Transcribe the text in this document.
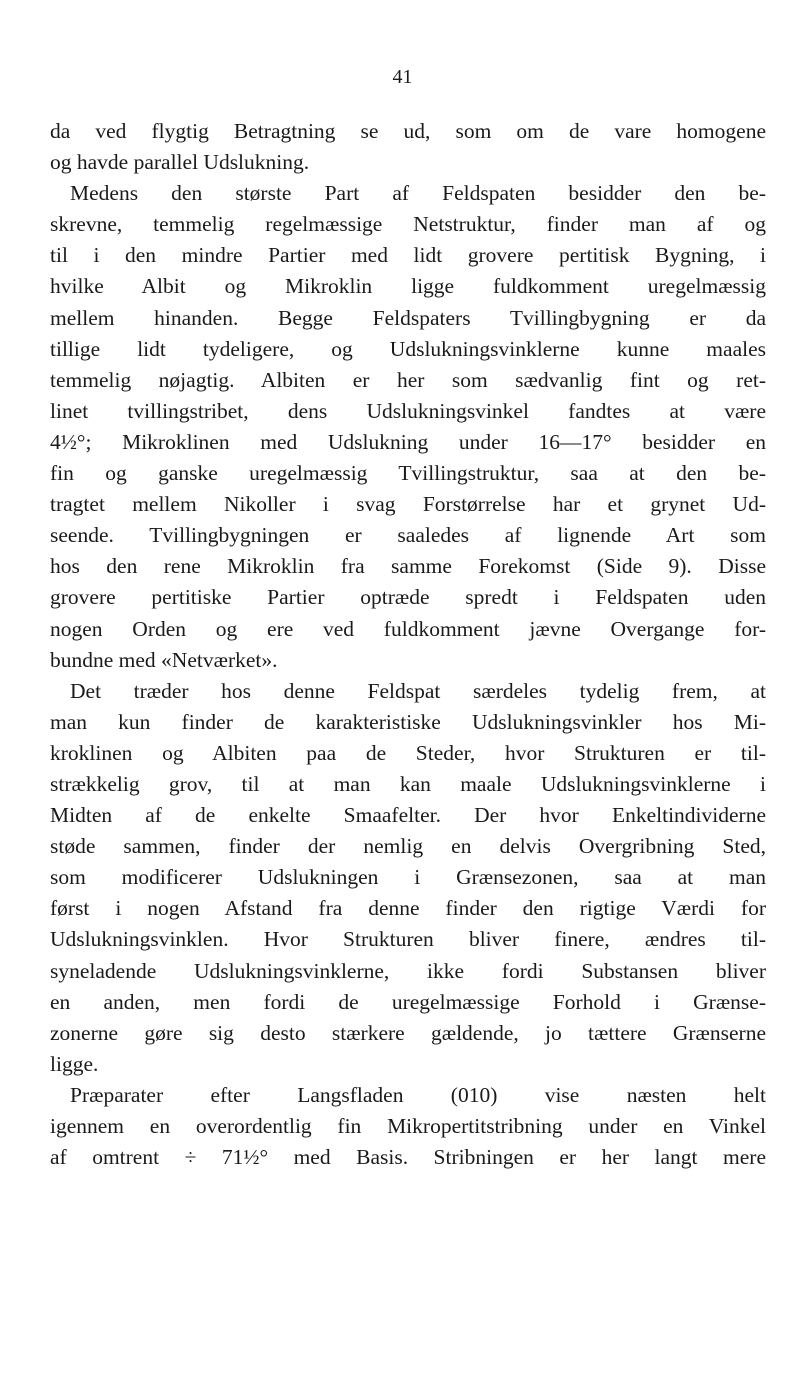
41
da ved flygtig Betragtning se ud, som om de vare homogene
og havde parallel Udslukning.
Medens den største Part af Feldspaten besidder den be-
skrevne, temmelig regelmæssige Netstruktur, finder man af og
til i den mindre Partier med lidt grovere pertitisk Bygning, i
hvilke Albit og Mikroklin ligge fuldkomment uregelmæssig
mellem hinanden. Begge Feldspaters Tvillingbygning er da
tillige lidt tydeligere, og Udslukningsvinklerne kunne maales
temmelig nøjagtig. Albiten er her som sædvanlig fint og ret-
linet tvillingstribet, dens Udslukningsvinkel fandtes at være
4½°; Mikroklinen med Udslukning under 16—17° besidder en
fin og ganske uregelmæssig Tvillingstruktur, saa at den be-
tragtet mellem Nikoller i svag Forstørrelse har et grynet Ud-
seende. Tvillingbygningen er saaledes af lignende Art som
hos den rene Mikroklin fra samme Forekomst (Side 9). Disse
grovere pertitiske Partier optræde spredt i Feldspaten uden
nogen Orden og ere ved fuldkomment jævne Overgange for-
bundne med «Netværket».
Det træder hos denne Feldspat særdeles tydelig frem, at
man kun finder de karakteristiske Udslukningsvinkler hos Mi-
kroklinen og Albiten paa de Steder, hvor Strukturen er til-
strækkelig grov, til at man kan maale Udslukningsvinklerne i
Midten af de enkelte Smaafelter. Der hvor Enkeltindividerne
støde sammen, finder der nemlig en delvis Overgribning Sted,
som modificerer Udslukningen i Grænsezonen, saa at man
først i nogen Afstand fra denne finder den rigtige Værdi for
Udslukningsvinklen. Hvor Strukturen bliver finere, ændres til-
syneladende Udslukningsvinklerne, ikke fordi Substansen bliver
en anden, men fordi de uregelmæssige Forhold i Grænse-
zonerne gøre sig desto stærkere gældende, jo tættere Grænserne
ligge.
Præparater efter Langsfladen (010) vise næsten helt
igennem en overordentlig fin Mikropertitstribning under en Vinkel
af omtrent ÷ 71½° med Basis. Stribningen er her langt mere
